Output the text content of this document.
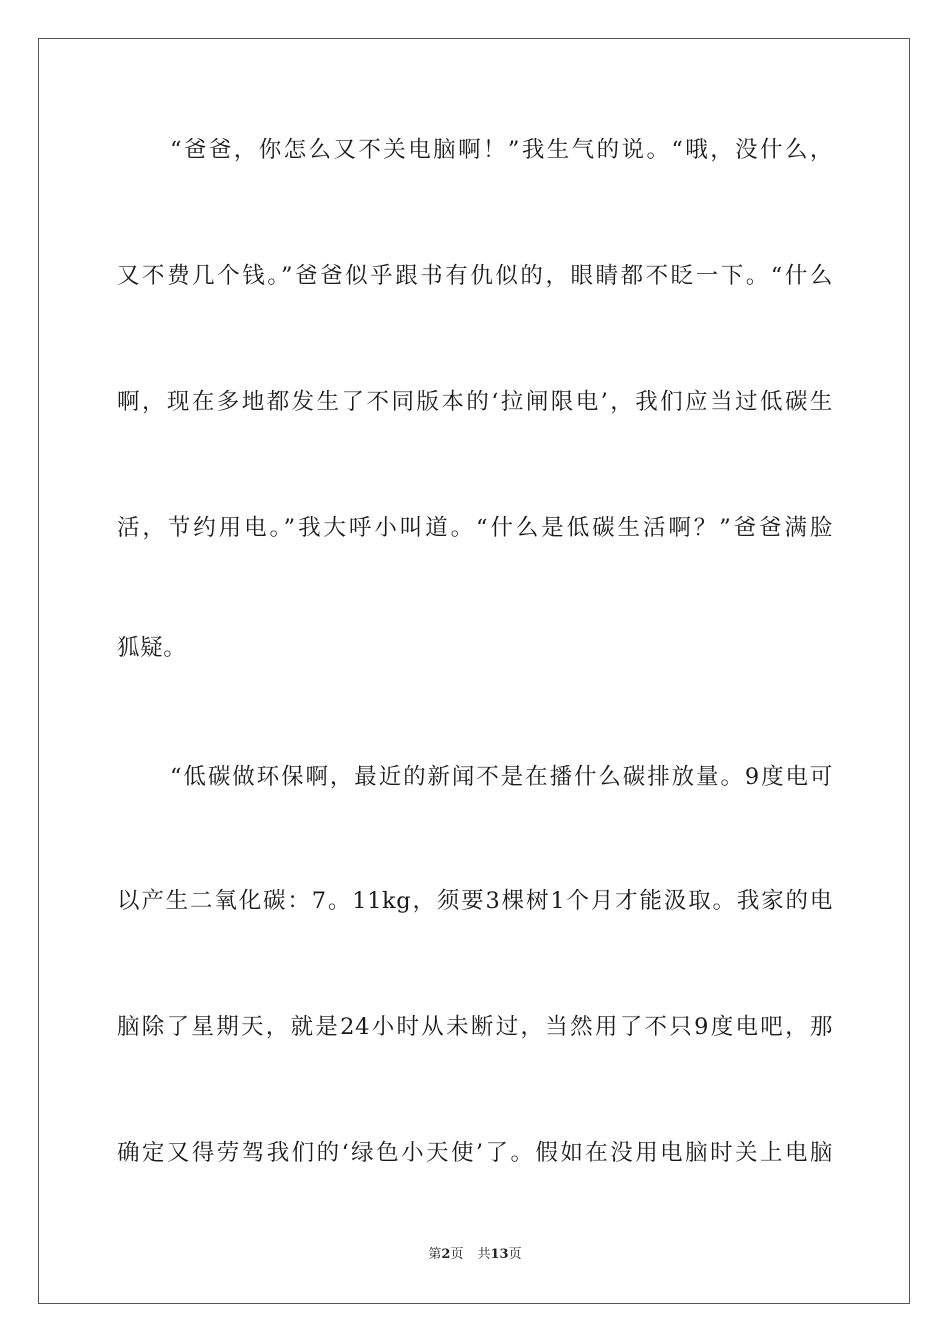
“爸爸，你怎么又不关电脑啊！”我生气的说。“哦，没什么，
又不费几个钱。”爸爸似乎跟书有仇似的，眼睛都不眨一下。“什么
啊，现在多地都发生了不同版本的‘拉闸限电’，我们应当过低碳生
活，节约用电。”我大呼小叫道。“什么是低碳生活啊？”爸爸满脸
狐疑。
“低碳做环保啊，最近的新闻不是在播什么碳排放量。9度电可
以产生二氧化碳：7。11kg，须要3棵树1个月才能汲取。我家的电
脑除了星期天，就是24小时从未断过，当然用了不只9度电吧，那
确定又得劳驾我们的‘绿色小天使’了。假如在没用电脑时关上电脑
第2页 共13页
